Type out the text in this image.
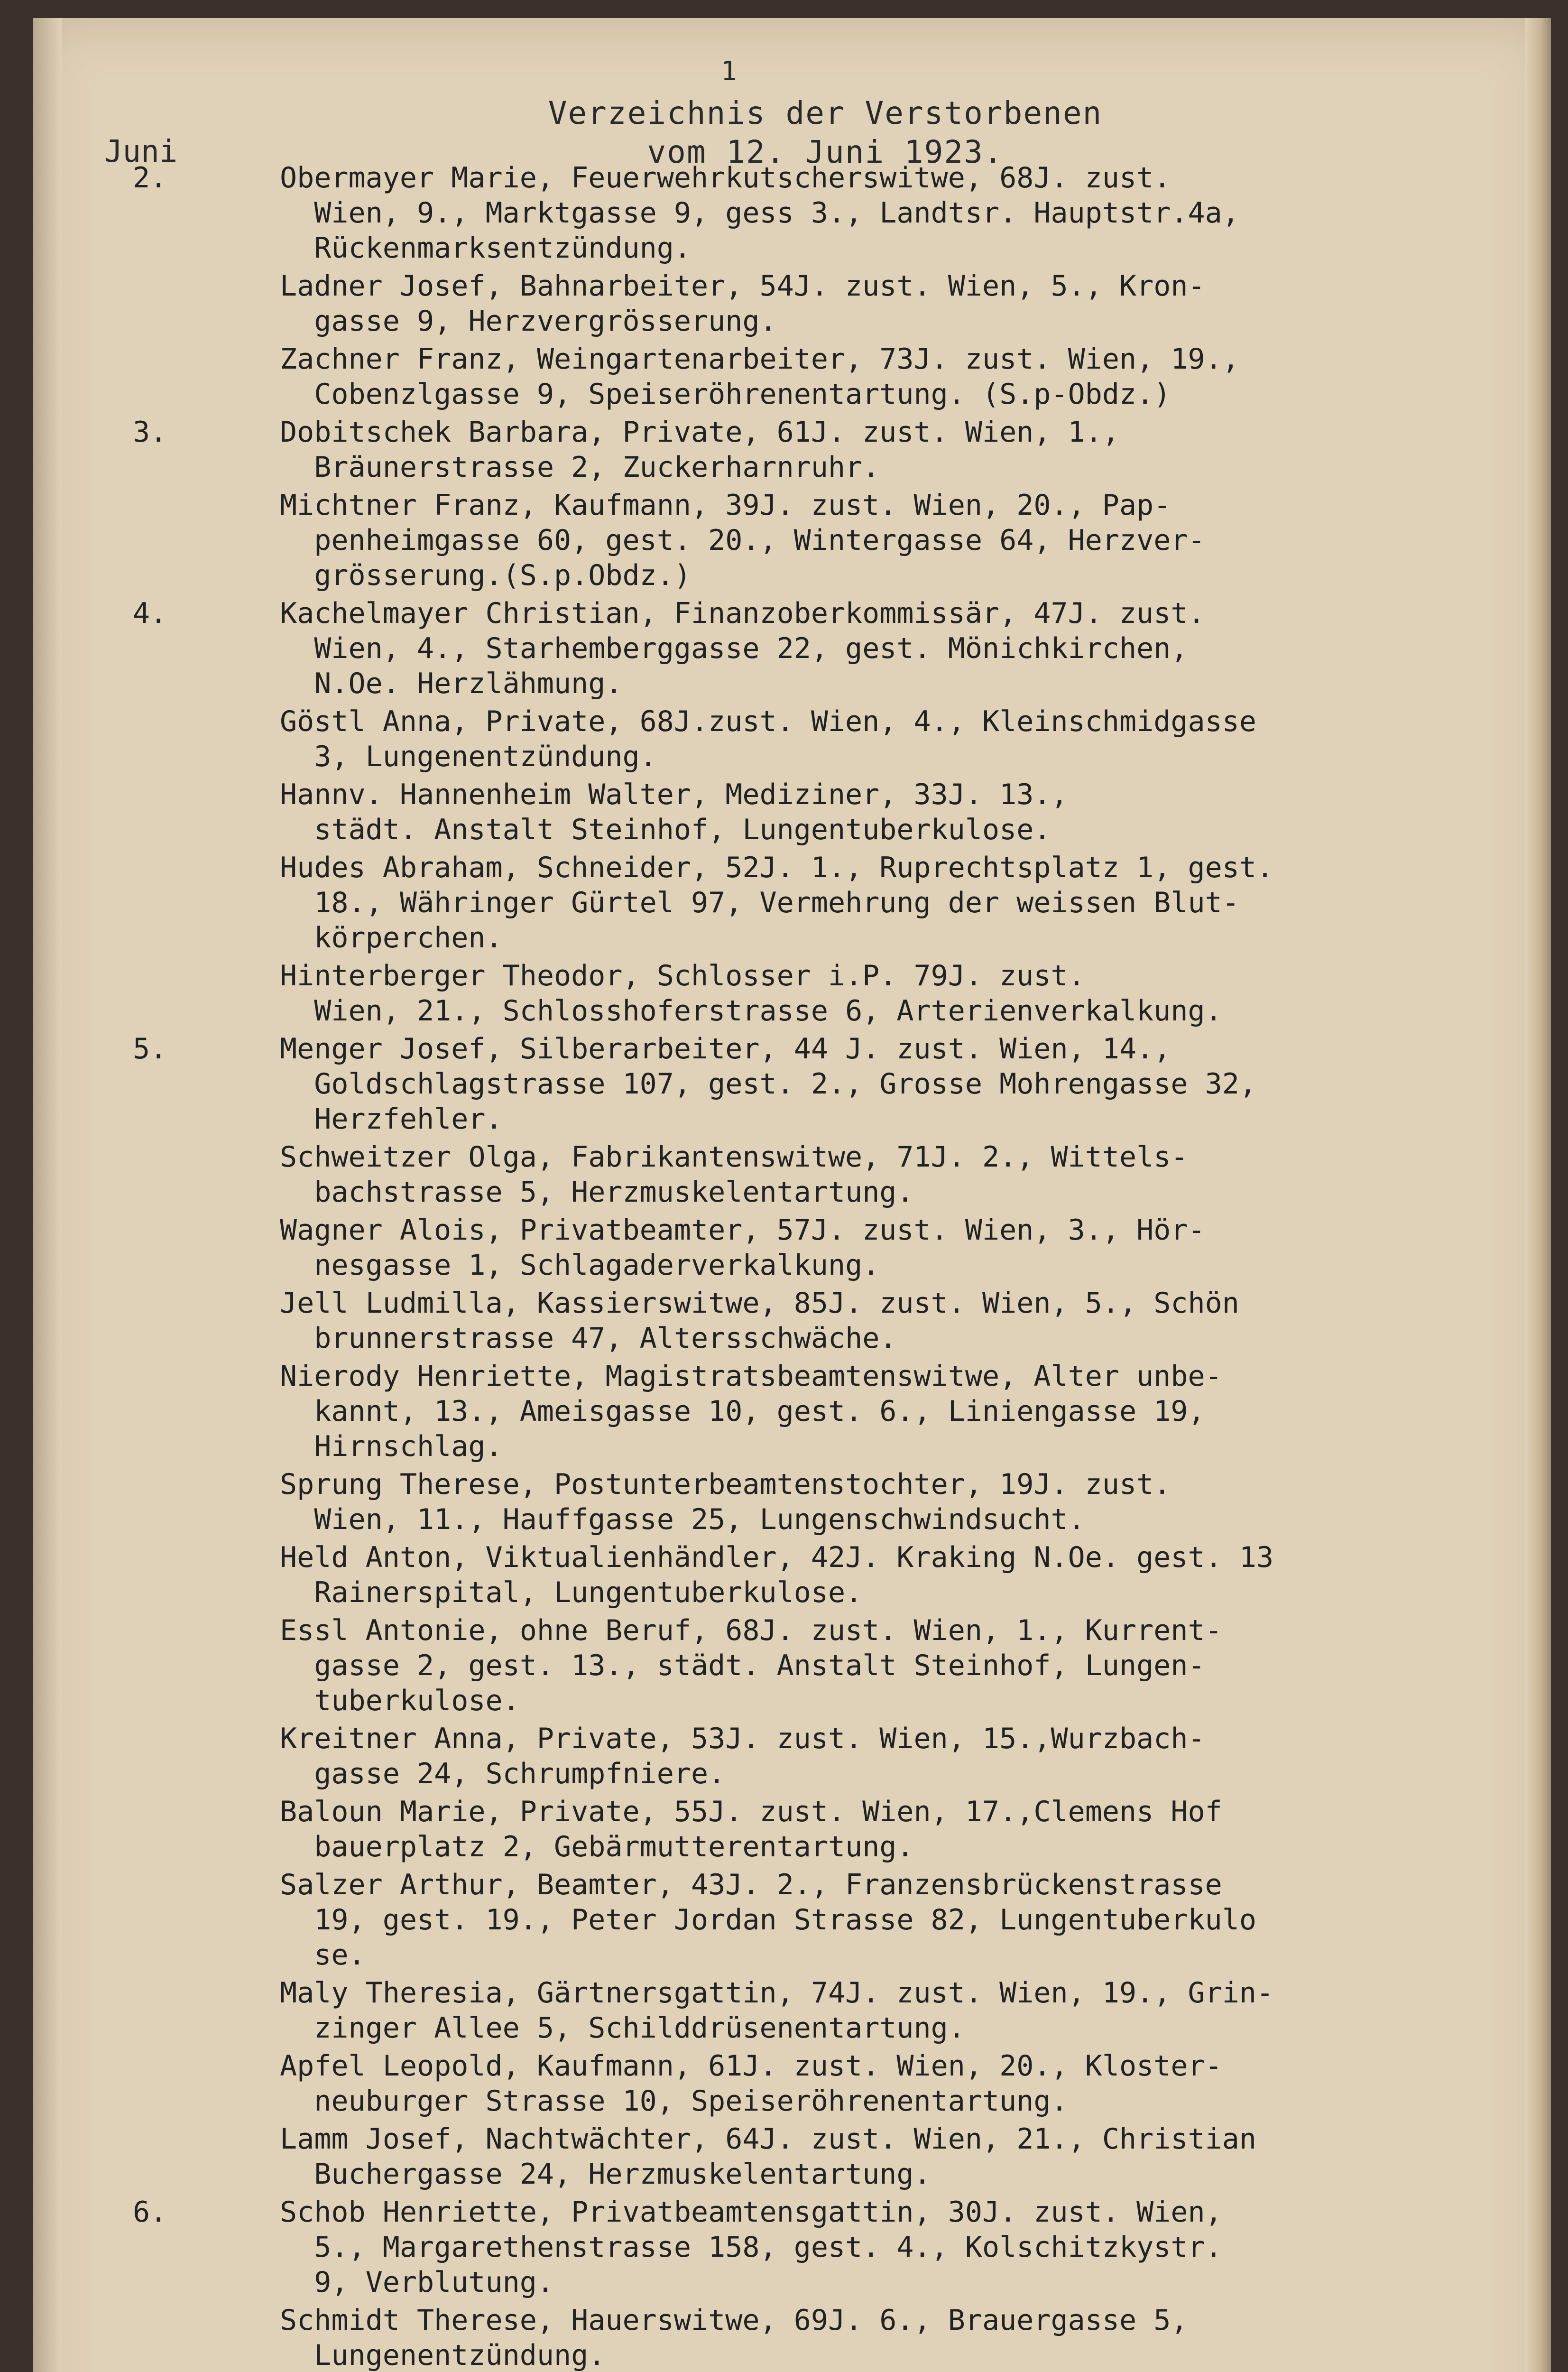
1
Verzeichnis der Verstorbenen
vom 12. Juni 1923.
Juni
2.	Obermayer Marie, Feuerwehrkutscherswitwe, 68J. zust.
Wien, 9., Marktgasse 9, gess 3., Landtsr. Hauptstr.4a,
Rückenmarksentzündung.
Ladner Josef, Bahnarbeiter, 54J. zust. Wien, 5., Kron-
gasse 9, Herzvergrösserung.
Zachner Franz, Weingartenarbeiter, 73J. zust. Wien, 19.,
Cobenzlgasse 9, Speiseröhrenentartung. (S.p-Obdz.)
3.	Dobitschek Barbara, Private, 61J. zust. Wien, 1.,
Bräunerstrasse 2, Zuckerharnruhr.
Michtner Franz, Kaufmann, 39J. zust. Wien, 20., Pap-
penheimgasse 60, gest. 20., Wintergasse 64, Herzver-
grösserung.(S.p.Obdz.)
4.	Kachelmayer Christian, Finanzoberkommissär, 47J. zust.
Wien, 4., Starhemberggasse 22, gest. Mönichkirchen,
N.Oe. Herzlähmung.
Göstl Anna, Private, 68J.zust. Wien, 4., Kleinschmidgasse
3, Lungenentzündung.
Hannv. Hannenheim Walter, Mediziner, 33J. 13.,
städt. Anstalt Steinhof, Lungentuberkulose.
Hudes Abraham, Schneider, 52J. 1., Ruprechtsplatz 1, gest.
18., Währinger Gürtel 97, Vermehrung der weissen Blut-
körperchen.
Hinterberger Theodor, Schlosser i.P. 79J. zust.
Wien, 21., Schlosshoferstrasse 6, Arterienverkalkung.
5.	Menger Josef, Silberarbeiter, 44 J. zust. Wien, 14.,
Goldschlagstrasse 107, gest. 2., Grosse Mohrengasse 32,
Herzfehler.
Schweitzer Olga, Fabrikantenswitwe, 71J. 2., Wittels-
bachstrasse 5, Herzmuskelentartung.
Wagner Alois, Privatbeamter, 57J. zust. Wien, 3., Hör-
nesgasse 1, Schlagaderverkalkung.
Jell Ludmilla, Kassierswitwe, 85J. zust. Wien, 5., Schön
brunnerstrasse 47, Altersschwäche.
Nierody Henriette, Magistratsbeamtenswitwe, Alter unbe-
kannt, 13., Ameisgasse 10, gest. 6., Liniengasse 19,
Hirnschlag.
Sprung Therese, Postunterbeamtenstochter, 19J. zust.
Wien, 11., Hauffgasse 25, Lungenschwindsucht.
Held Anton, Viktualienhändler, 42J. Kraking N.Oe. gest. 13
Rainerspital, Lungentuberkulose.
Essl Antonie, ohne Beruf, 68J. zust. Wien, 1., Kurrent-
gasse 2, gest. 13., städt. Anstalt Steinhof, Lungen-
tuberkulose.
Kreitner Anna, Private, 53J. zust. Wien, 15.,Wurzbach-
gasse 24, Schrumpfniere.
Baloun Marie, Private, 55J. zust. Wien, 17.,Clemens Hof
bauerplatz 2, Gebärmutterentartung.
Salzer Arthur, Beamter, 43J. 2., Franzensbrückenstrasse
19, gest. 19., Peter Jordan Strasse 82, Lungentuberkulo
se.
Maly Theresia, Gärtnersgattin, 74J. zust. Wien, 19., Grin-
zinger Allee 5, Schilddrüsenentartung.
Apfel Leopold, Kaufmann, 61J. zust. Wien, 20., Kloster-
neuburger Strasse 10, Speiseröhrenentartung.
Lamm Josef, Nachtwächter, 64J. zust. Wien, 21., Christian
Buchergasse 24, Herzmuskelentartung.
6.	Schob Henriette, Privatbeamtensgattin, 30J. zust. Wien,
5., Margarethenstrasse 158, gest. 4., Kolschitzkystr.
9, Verblutung.
Schmidt Therese, Hauerswitwe, 69J. 6., Brauergasse 5,
Lungenentzündung.
